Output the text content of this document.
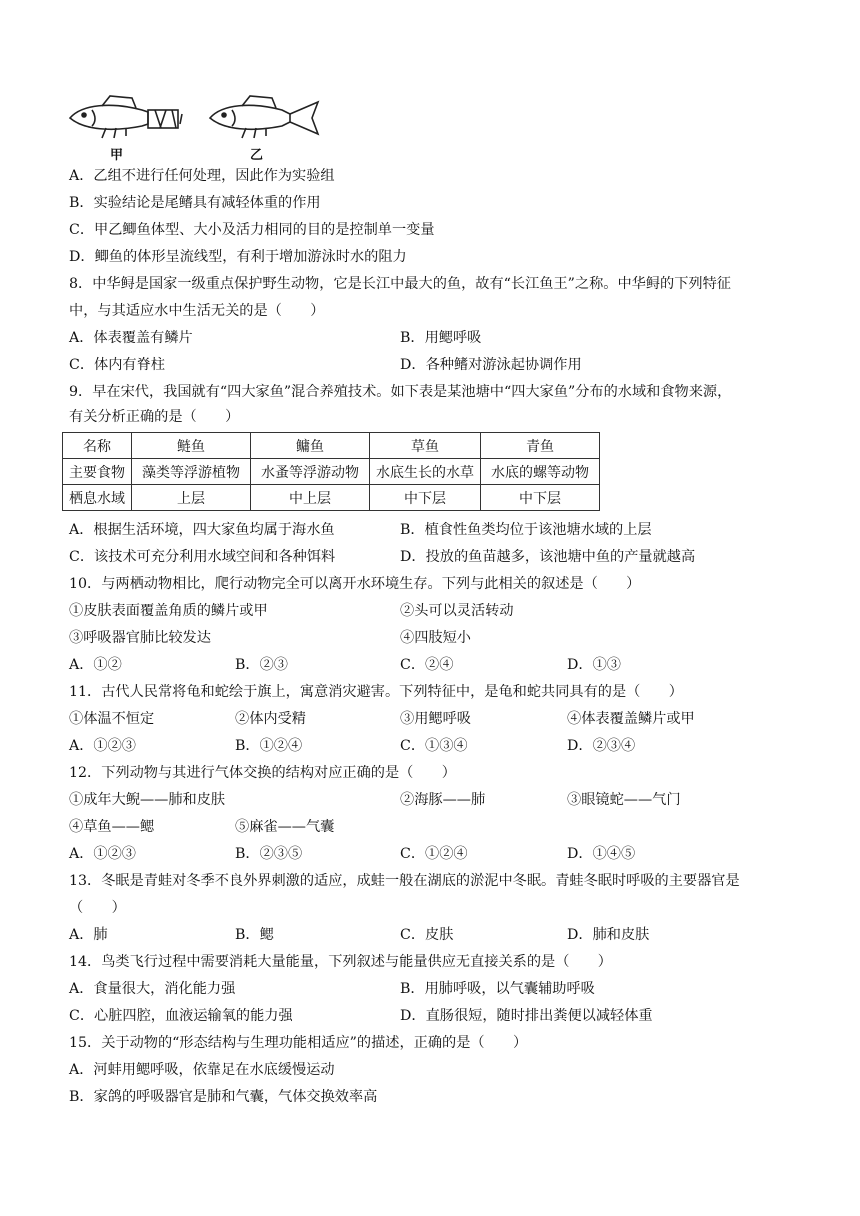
甲	乙
A．乙组不进行任何处理，因此作为实验组
B．实验结论是尾鳍具有减轻体重的作用
C．甲乙鲫鱼体型、大小及活力相同的目的是控制单一变量
D．鲫鱼的体形呈流线型，有利于增加游泳时水的阻力
8．中华鲟是国家一级重点保护野生动物，它是长江中最大的鱼，故有“长江鱼王”之称。中华鲟的下列特征
中，与其适应水中生活无关的是（　　）
A．体表覆盖有鳞片	B．用鳃呼吸
C．体内有脊柱	D．各种鳍对游泳起协调作用
9．早在宋代，我国就有“四大家鱼”混合养殖技术。如下表是某池塘中“四大家鱼”分布的水域和食物来源，
有关分析正确的是（　　）
名称	鲢鱼	鳙鱼	草鱼	青鱼
主要食物	藻类等浮游植物	水蚤等浮游动物	水底生长的水草	水底的螺等动物
栖息水域	上层	中上层	中下层	中下层
A．根据生活环境，四大家鱼均属于海水鱼	B．植食性鱼类均位于该池塘水域的上层
C．该技术可充分利用水域空间和各种饵料	D．投放的鱼苗越多，该池塘中鱼的产量就越高
10．与两栖动物相比，爬行动物完全可以离开水环境生存。下列与此相关的叙述是（　　）
①皮肤表面覆盖角质的鳞片或甲	②头可以灵活转动
③呼吸器官肺比较发达	④四肢短小
A．①②	B．②③	C．②④	D．①③
11．古代人民常将龟和蛇绘于旗上，寓意消灾避害。下列特征中，是龟和蛇共同具有的是（　　）
①体温不恒定	②体内受精	③用鳃呼吸	④体表覆盖鳞片或甲
A．①②③	B．①②④	C．①③④	D．②③④
12．下列动物与其进行气体交换的结构对应正确的是（　　）
①成年大鲵——肺和皮肤	②海豚——肺	③眼镜蛇——气门
④草鱼——鳃	⑤麻雀——气囊
A．①②③	B．②③⑤	C．①②④	D．①④⑤
13．冬眠是青蛙对冬季不良外界刺激的适应，成蛙一般在湖底的淤泥中冬眠。青蛙冬眠时呼吸的主要器官是
（　　）
A．肺	B．鳃	C．皮肤	D．肺和皮肤
14．鸟类飞行过程中需要消耗大量能量，下列叙述与能量供应无直接关系的是（　　）
A．食量很大，消化能力强	B．用肺呼吸，以气囊辅助呼吸
C．心脏四腔，血液运输氧的能力强	D．直肠很短，随时排出粪便以减轻体重
15．关于动物的“形态结构与生理功能相适应”的描述，正确的是（　　）
A．河蚌用鳃呼吸，依靠足在水底缓慢运动
B．家鸽的呼吸器官是肺和气囊，气体交换效率高
